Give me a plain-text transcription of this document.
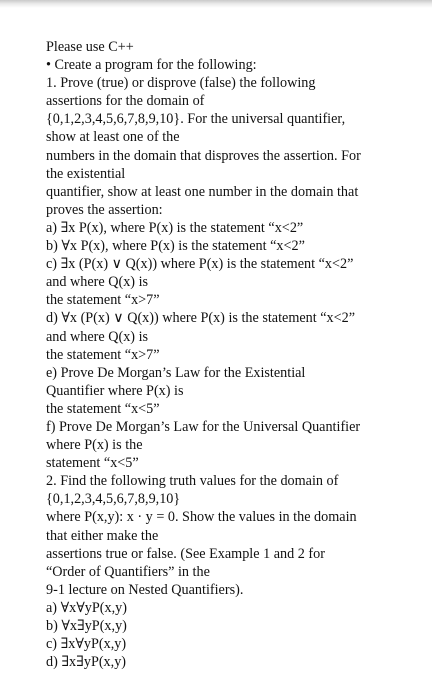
Please use C++
• Create a program for the following:
1. Prove (true) or disprove (false) the following
assertions for the domain of
{0,1,2,3,4,5,6,7,8,9,10}. For the universal quantifier,
show at least one of the
numbers in the domain that disproves the assertion. For
the existential
quantifier, show at least one number in the domain that
proves the assertion:
a) ∃x P(x), where P(x) is the statement “x<2”
b) ∀x P(x), where P(x) is the statement “x<2”
c) ∃x (P(x) ∨ Q(x)) where P(x) is the statement “x<2”
and where Q(x) is
the statement “x>7”
d) ∀x (P(x) ∨ Q(x)) where P(x) is the statement “x<2”
and where Q(x) is
the statement “x>7”
e) Prove De Morgan’s Law for the Existential
Quantifier where P(x) is
the statement “x<5”
f) Prove De Morgan’s Law for the Universal Quantifier
where P(x) is the
statement “x<5”
2. Find the following truth values for the domain of
{0,1,2,3,4,5,6,7,8,9,10}
where P(x,y): x · y = 0. Show the values in the domain
that either make the
assertions true or false. (See Example 1 and 2 for
“Order of Quantifiers” in the
9-1 lecture on Nested Quantifiers).
a) ∀x∀yP(x,y)
b) ∀x∃yP(x,y)
c) ∃x∀yP(x,y)
d) ∃x∃yP(x,y)
